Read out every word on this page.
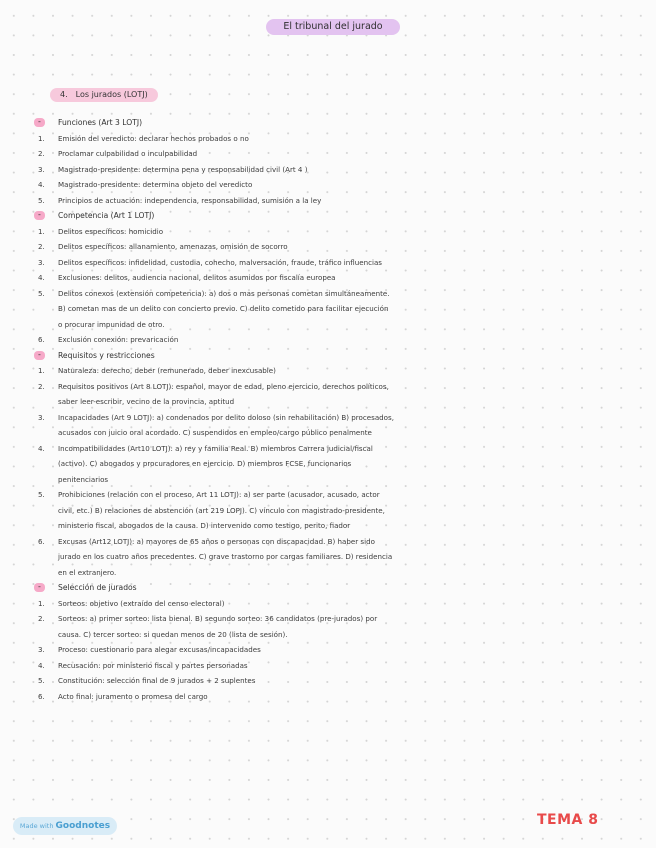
El tribunal del jurado
4. Los jurados (LOTJ)
-	Funciones (Art 3 LOTJ)
1. Emisión del veredicto: declarar hechos probados o no
2. Proclamar culpabilidad o inculpabilidad
3. Magistrado-presidente: determina pena y responsabilidad civil (Art 4 )
4. Magistrado-presidente: determina objeto del veredicto
5. Principios de actuación: independencia, responsabilidad, sumisión a la ley
-	Competencia (Art 1 LOTJ)
1. Delitos específicos: homicidio
2. Delitos específicos: allanamiento, amenazas, omisión de socorro
3. Delitos específicos: infidelidad, custodia, cohecho, malversación, fraude, tráfico influencias
4. Exclusiones: delitos, audiencia nacional, delitos asumidos por fiscalía europea
5. Delitos conexos (extensión competencia): a) dos o mas personas cometan simultáneamente. B) cometan mas de un delito con concierto previo. C) delito cometido para facilitar ejecución o procurar impunidad de otro.
6. Exclusión conexión: prevaricación
-	Requisitos y restricciones
1. Naturaleza: derecho, deber (remunerado, deber inexcusable)
2. Requisitos positivos (Art 8 LOTJ): español, mayor de edad, pleno ejercicio, derechos políticos, saber leer-escribir, vecino de la provincia, aptitud
3. Incapacidades (Art 9 LOTJ): a) condenados por delito doloso (sin rehabilitación) B) procesados, acusados con juicio oral acordado. C) suspendidos en empleo/cargo público penalmente
4. Incompatibilidades (Art10 LOTJ): a) rey y familia Real. B) miembros Carrera judicial/fiscal (activo). C) abogados y procuradores en ejercicio. D) miembros FCSE, funcionarios penitenciarios
5. Prohibiciones (relación con el proceso, Art 11 LOTJ): a) ser parte (acusador, acusado, actor civil, etc.) B) relaciones de abstención (art 219 LOPJ). C) vínculo con magistrado-presidente, ministerio fiscal, abogados de la causa. D) intervenido como testigo, perito, fiador
6. Excusas (Art12 LOTJ): a) mayores de 65 años o personas con discapacidad. B) haber sido jurado en los cuatro años precedentes. C) grave trastorno por cargas familiares. D) residencia en el extranjero.
-	Selección de jurados
1. Sorteos: objetivo (extraído del censo electoral)
2. Sorteos: a) primer sorteo: lista bienal. B) segundo sorteo: 36 candidatos (pre-jurados) por causa. C) tercer sorteo: si quedan menos de 20 (lista de sesión).
3. Proceso: cuestionario para alegar excusas/incapacidades
4. Recusación: por ministerio fiscal y partes personadas
5. Constitución: selección final de 9 jurados + 2 suplentes
6. Acto final: juramento o promesa del cargo
Made with Goodnotes	TEMA 8
